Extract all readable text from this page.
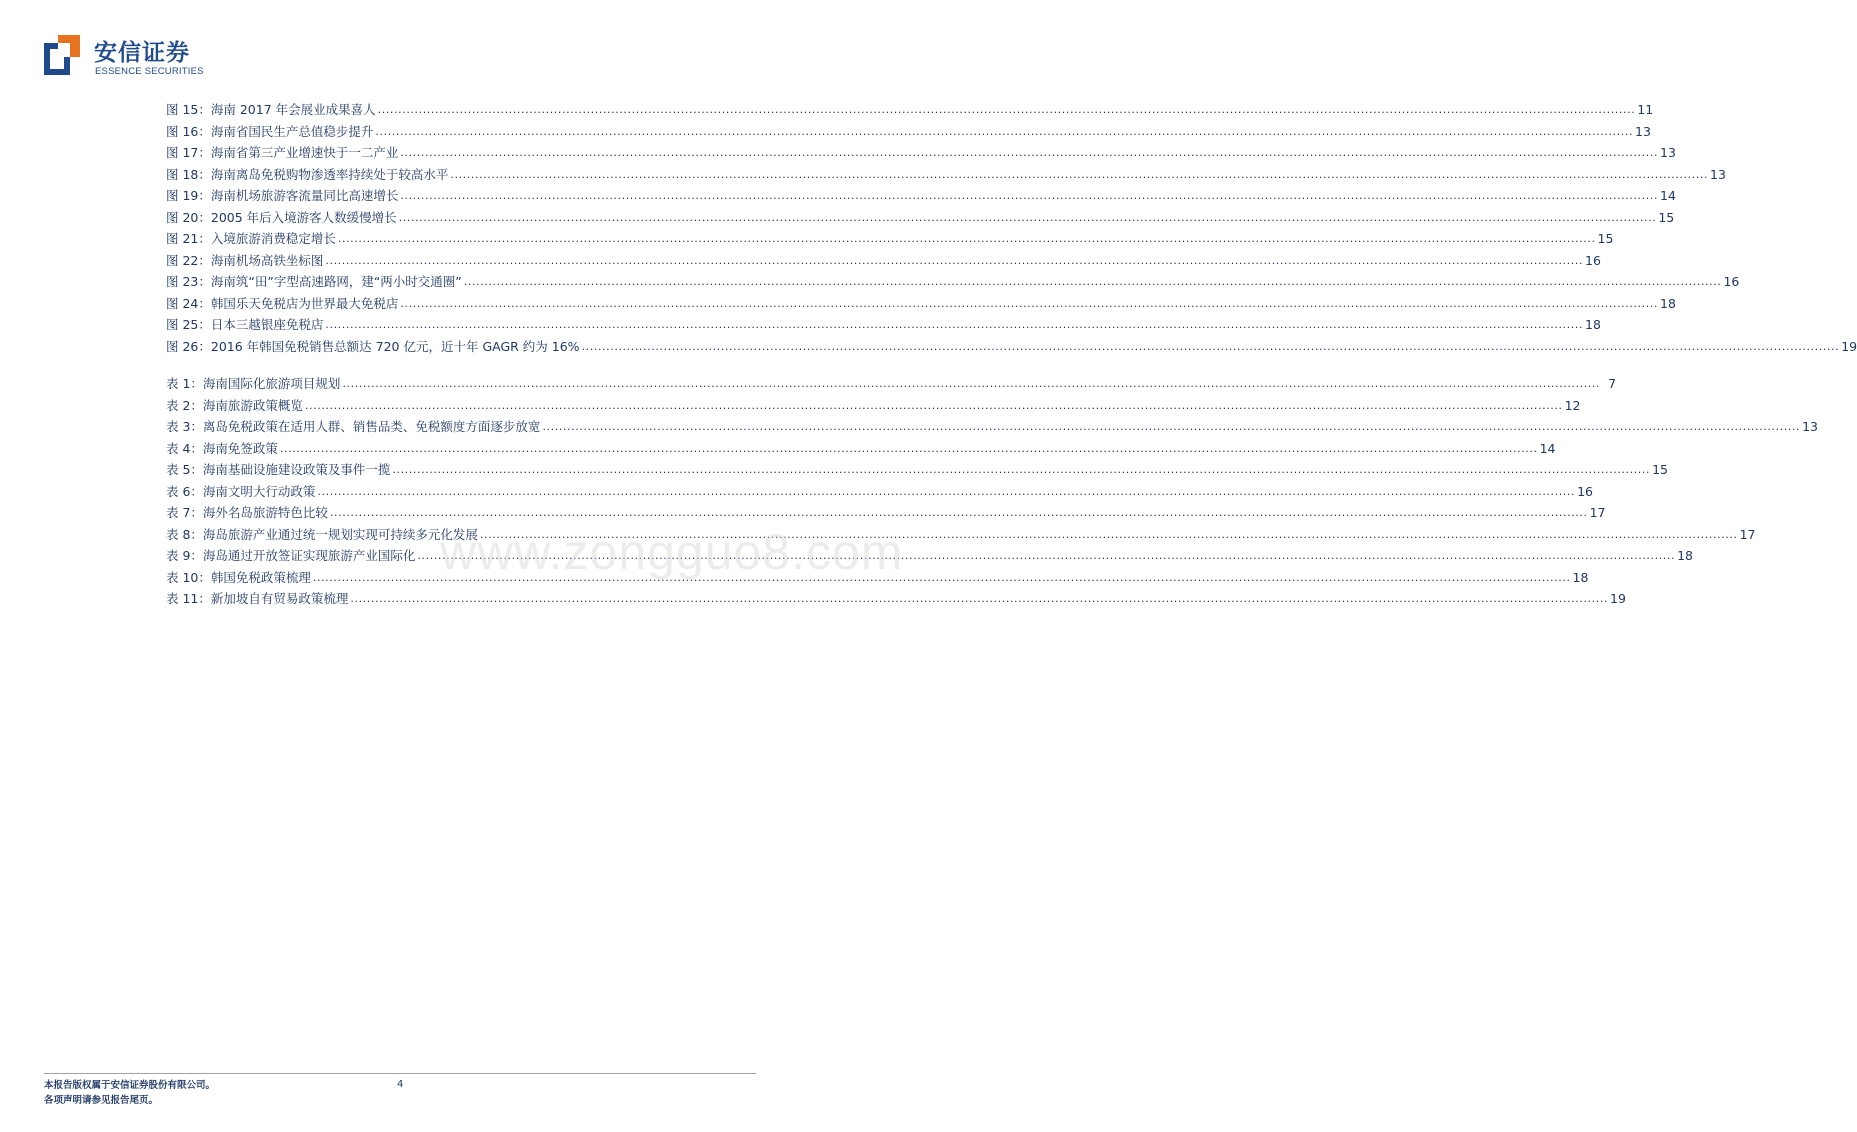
安信证券
ESSENCE SECURITIES
图 15：海南 2017 年会展业成果喜人 .....	11
图 16：海南省国民生产总值稳步提升 .....	13
图 17：海南省第三产业增速快于一二产业 .....	13
图 18：海南离岛免税购物渗透率持续处于较高水平 .....	13
图 19：海南机场旅游客流量同比高速增长 .....	14
图 20：2005 年后入境游客人数缓慢增长 .....	15
图 21：入境旅游消费稳定增长 .....	15
图 22：海南机场高铁坐标图 .....	16
图 23：海南筑“田”字型高速路网，建“两小时交通圈” .....	16
图 24：韩国乐天免税店为世界最大免税店 .....	18
图 25：日本三越银座免税店 .....	18
图 26：2016 年韩国免税销售总额达 720 亿元，近十年 GAGR 约为 16% .....	19
表 1：海南国际化旅游项目规划 .....	7
表 2：海南旅游政策概览 .....	12
表 3：离岛免税政策在适用人群、销售品类、免税额度方面逐步放宽 .....	13
表 4：海南免签政策 .....	14
表 5：海南基础设施建设政策及事件一揽 .....	15
表 6：海南文明大行动政策 .....	16
表 7：海外名岛旅游特色比较 .....	17
表 8：海岛旅游产业通过统一规划实现可持续多元化发展 .....	17
表 9：海岛通过开放签证实现旅游产业国际化 .....	18
表 10：韩国免税政策梳理 .....	18
表 11：新加坡自有贸易政策梳理 .....	19
www.zongguo8.com
本报告版权属于安信证券股份有限公司。
各项声明请参见报告尾页。
4
